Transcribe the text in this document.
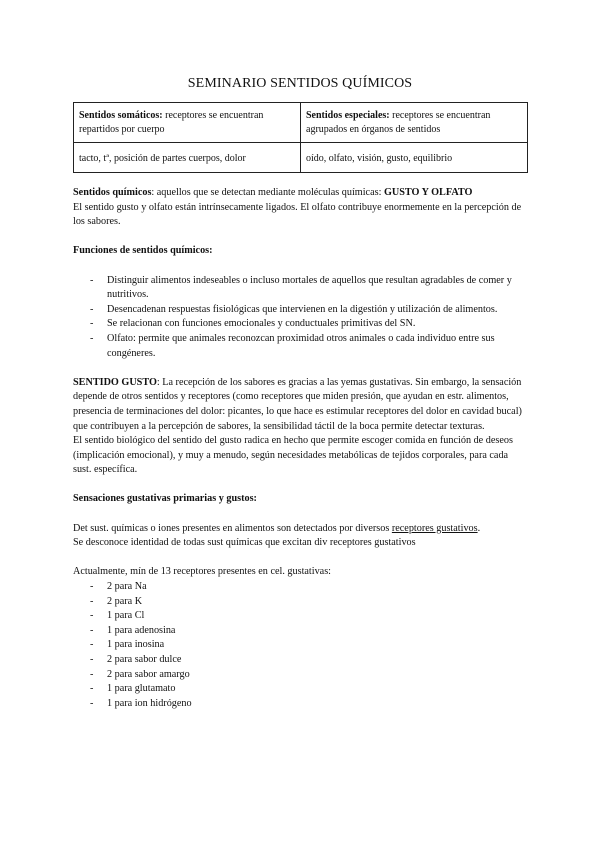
SEMINARIO SENTIDOS QUÍMICOS
Sentidos somáticos: receptores se encuentran repartidos por cuerpo	Sentidos especiales: receptores se encuentran agrupados en órganos de sentidos
tacto, tª, posición de partes cuerpos, dolor	oído, olfato, visión, gusto, equilibrio

Sentidos químicos: aquellos que se detectan mediante moléculas químicas: GUSTO Y OLFATO

El sentido gusto y olfato están intrínsecamente ligados. El olfato contribuye enormemente en la percepción de los sabores.

Funciones de sentidos químicos:

- Distinguir alimentos indeseables o incluso mortales de aquellos que resultan agradables de comer y nutritivos.
- Desencadenan respuestas fisiológicas que intervienen en la digestión y utilización de alimentos.
- Se relacionan con funciones emocionales y conductuales primitivas del SN.
- Olfato: permite que animales reconozcan proximidad otros animales o cada individuo entre sus congéneres.

SENTIDO GUSTO: La recepción de los sabores es gracias a las yemas gustativas. Sin embargo, la sensación depende de otros sentidos y receptores (como receptores que miden presión, que ayudan en estr. alimentos, presencia de terminaciones del dolor: picantes, lo que hace es estimular receptores del dolor en cavidad bucal) que contribuyen a la percepción de sabores, la sensibilidad táctil de la boca permite detectar texturas.

El sentido biológico del sentido del gusto radica en hecho que permite escoger comida en función de deseos (implicación emocional), y muy a menudo, según necesidades metabólicas de tejidos corporales, para cada sust. específica.

Sensaciones gustativas primarias y gustos:

Det sust. químicas o iones presentes en alimentos son detectados por diversos receptores gustativos.

Se desconoce identidad de todas sust químicas que excitan div receptores gustativos

Actualmente, mín de 13 receptores presentes en cel. gustativas:

- 2 para Na
- 2 para K
- 1 para Cl
- 1 para adenosina
- 1 para inosina
- 2 para sabor dulce
- 2 para sabor amargo
- 1 para glutamato
- 1 para ion hidrógeno
